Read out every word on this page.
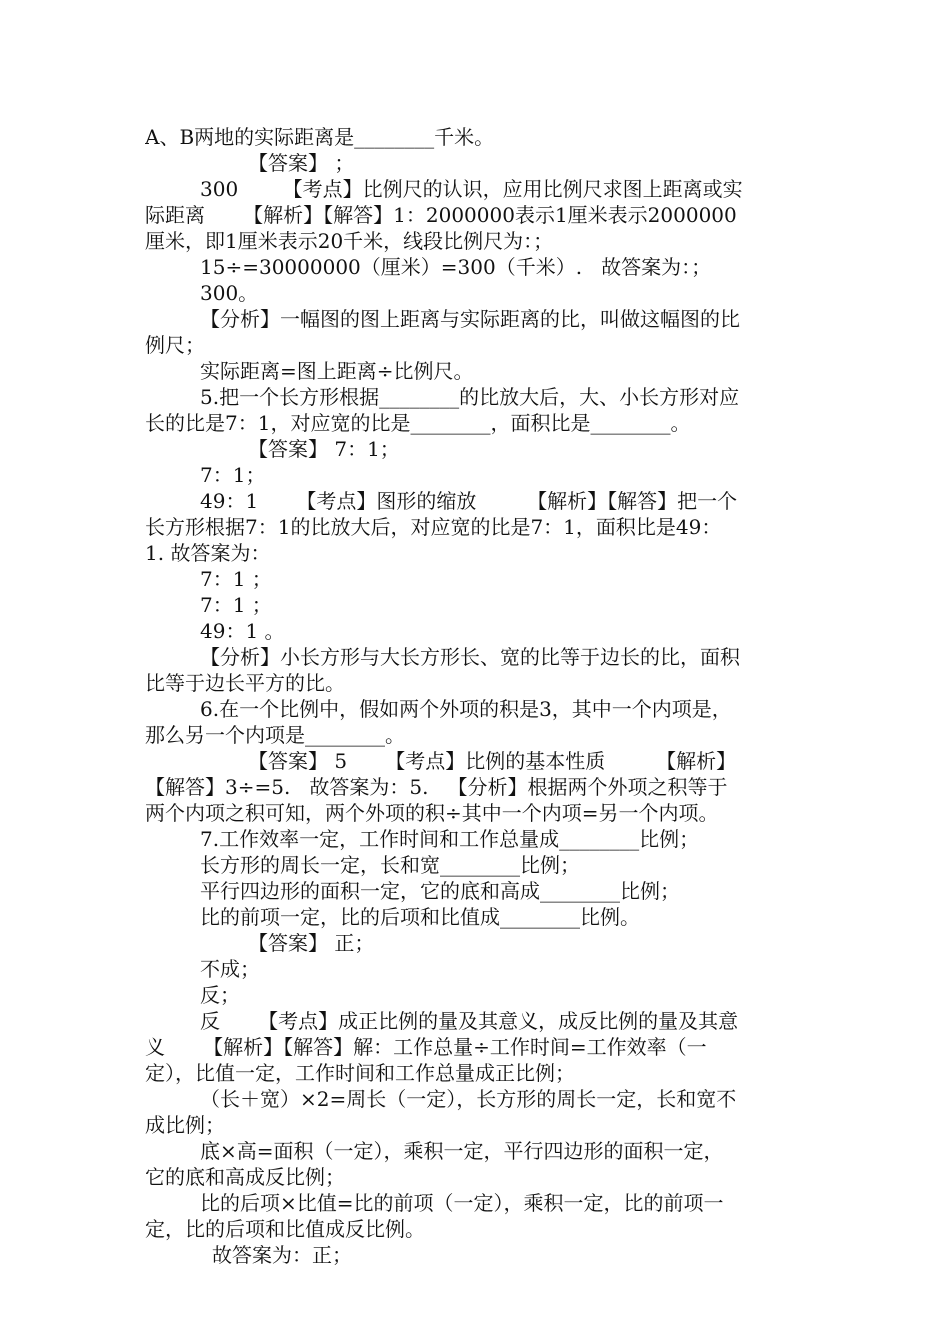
A、B两地的实际距离是________千米。
【答案】 ；
300       【考点】比例尺的认识，应用比例尺求图上距离或实
际距离      【解析】【解答】1：2000000表示1厘米表示2000000
厘米，即1厘米表示20千米，线段比例尺为：；
15÷=30000000（厘米）=300（千米）.   故答案为：；
300。
【分析】一幅图的图上距离与实际距离的比，叫做这幅图的比
例尺；
实际距离=图上距离÷比例尺。
5.把一个长方形根据________的比放大后，大、小长方形对应
长的比是7：1，对应宽的比是________，面积比是________。
【答案】 7：1；
7：1；
49：1      【考点】图形的缩放        【解析】【解答】把一个
长方形根据7：1的比放大后，对应宽的比是7：1，面积比是49：
1. 故答案为：
7：1 ；
7：1 ；
49：1 。
【分析】小长方形与大长方形长、宽的比等于边长的比，面积
比等于边长平方的比。
6.在一个比例中，假如两个外项的积是3，其中一个内项是，
那么另一个内项是________。
【答案】 5      【考点】比例的基本性质        【解析】
【解答】3÷=5.   故答案为：5.   【分析】根据两个外项之积等于
两个内项之积可知，两个外项的积÷其中一个内项=另一个内项。
7.工作效率一定，工作时间和工作总量成________比例；
长方形的周长一定，长和宽________比例；
平行四边形的面积一定，它的底和高成________比例；
比的前项一定，比的后项和比值成________比例。
【答案】 正；
不成；
反；
反      【考点】成正比例的量及其意义，成反比例的量及其意
义      【解析】【解答】解：工作总量÷工作时间=工作效率（一
定），比值一定，工作时间和工作总量成正比例；
（长＋宽）×2=周长（一定），长方形的周长一定，长和宽不
成比例；
底×高=面积（一定），乘积一定，平行四边形的面积一定，
它的底和高成反比例；
比的后项×比值=比的前项（一定），乘积一定，比的前项一
定，比的后项和比值成反比例。
故答案为：正；
